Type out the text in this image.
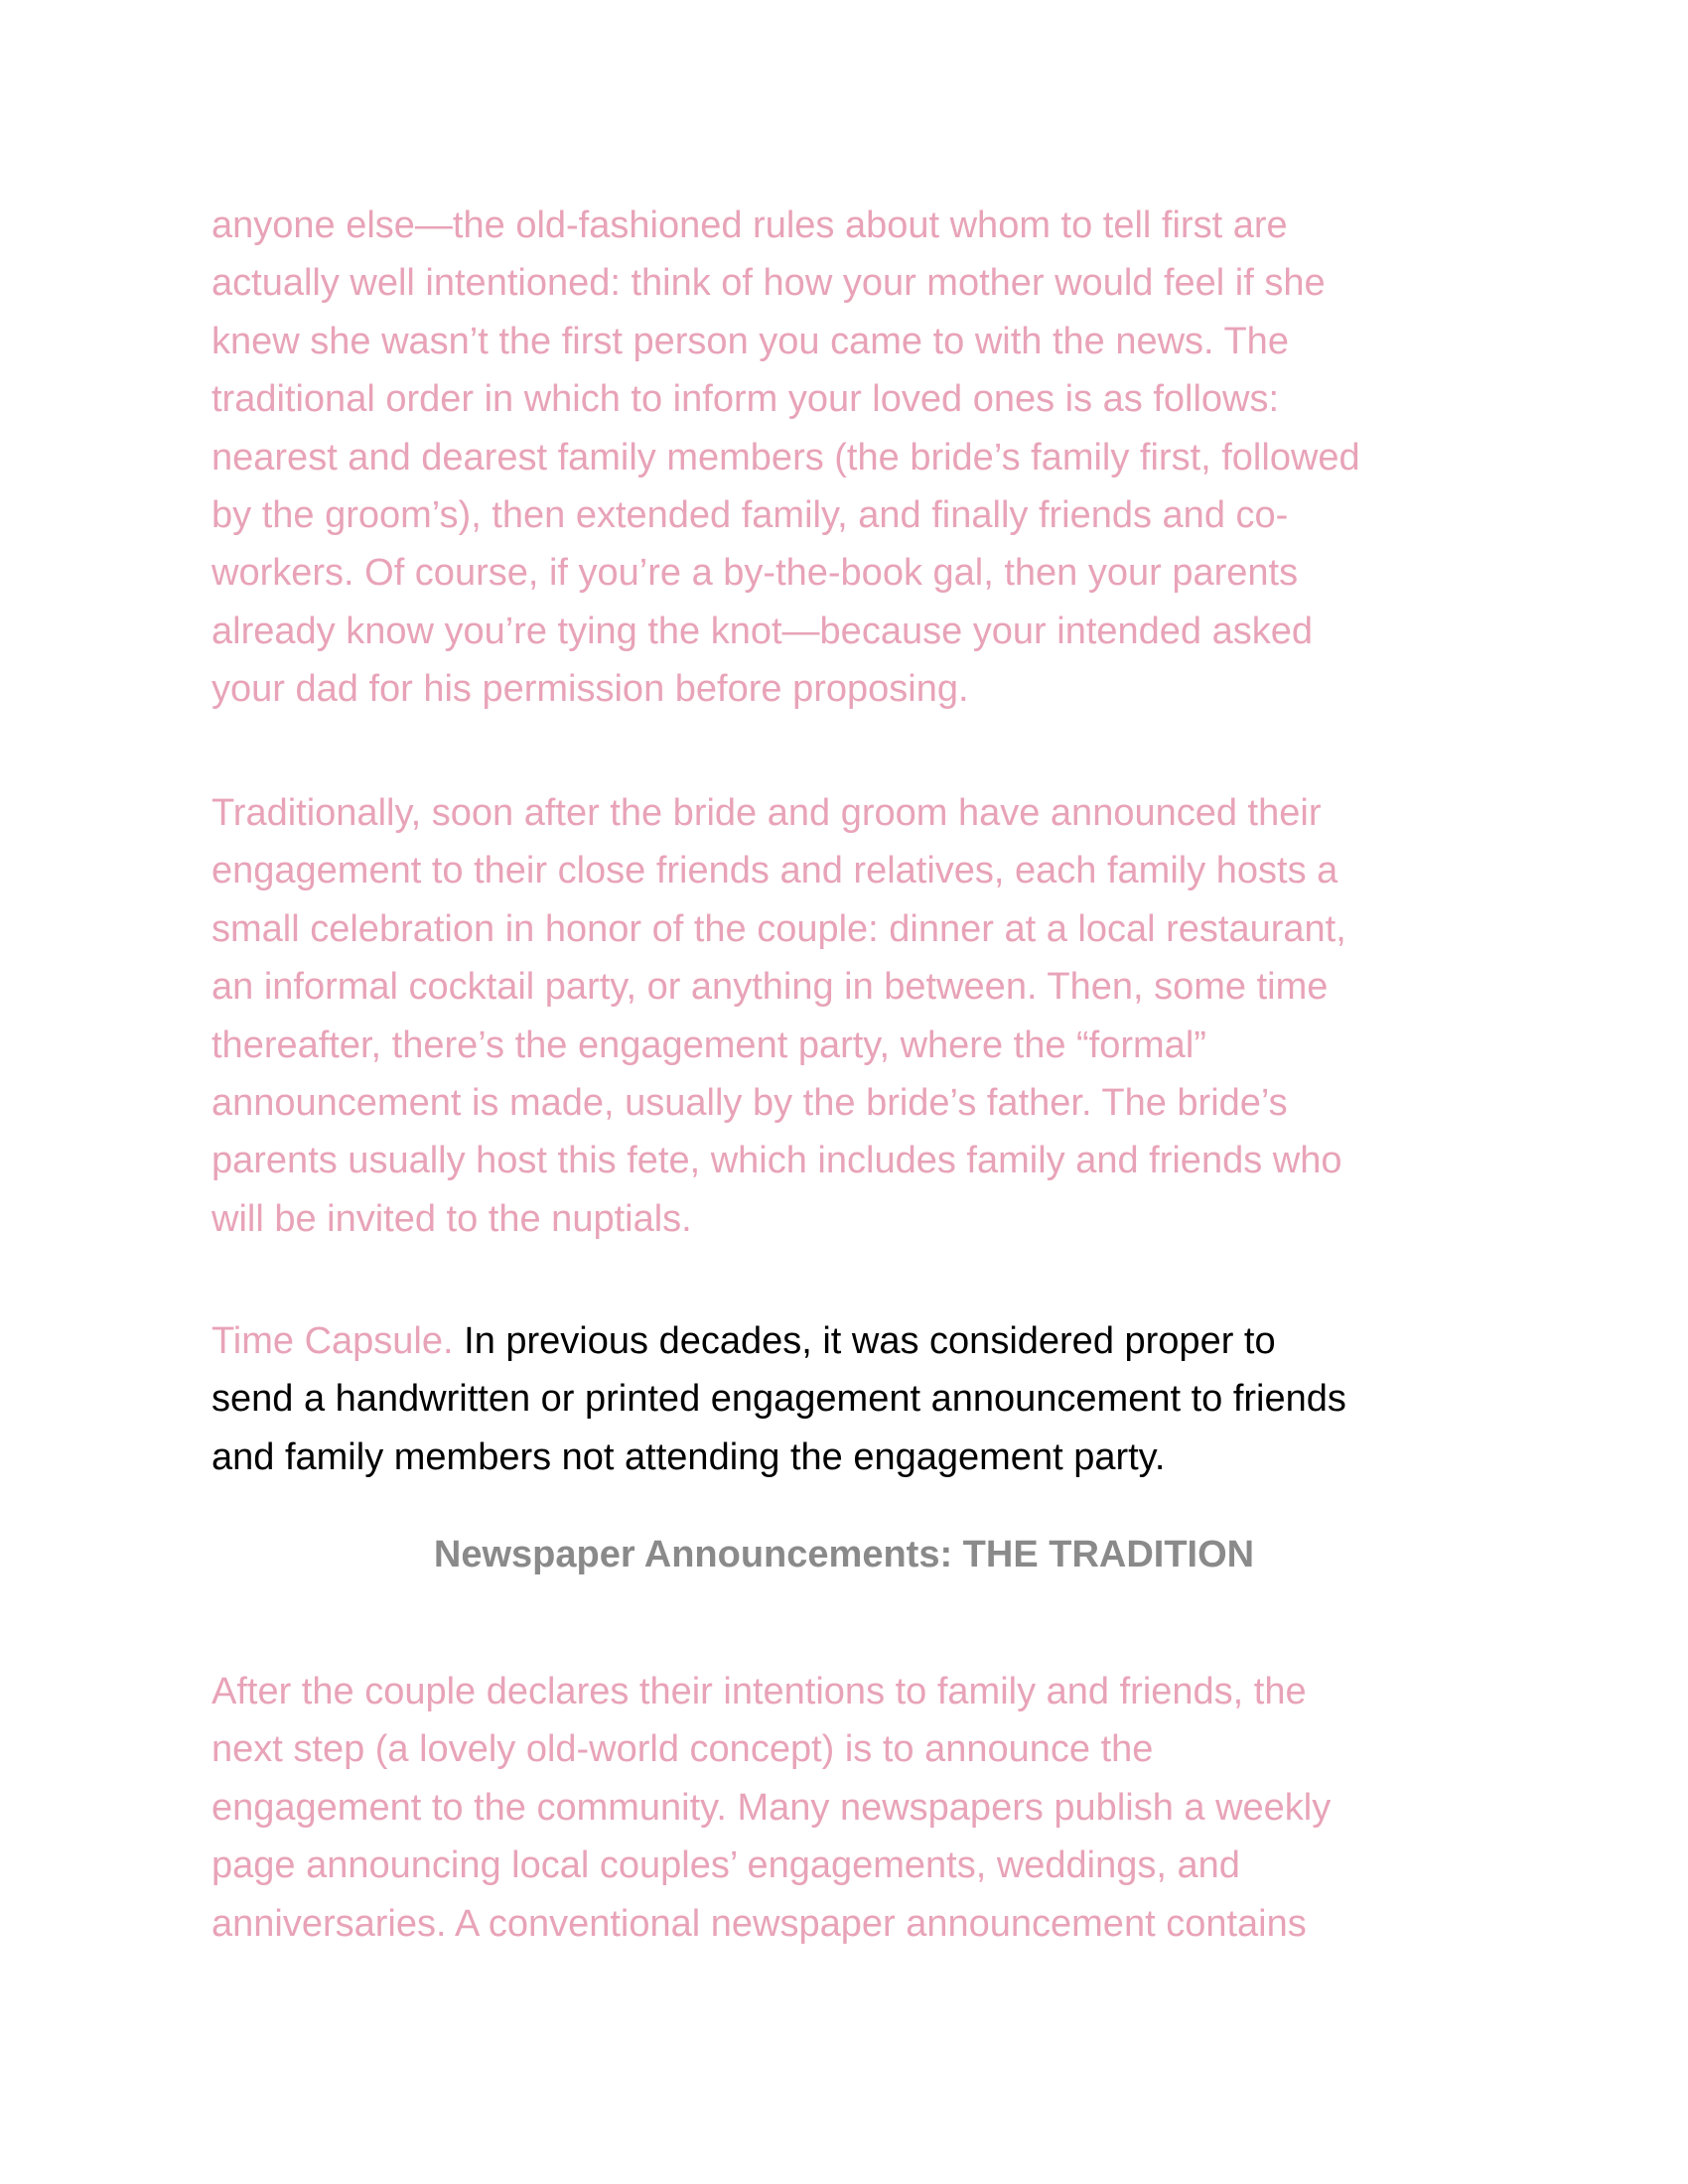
anyone else—the old-fashioned rules about whom to tell first are
actually well intentioned: think of how your mother would feel if she
knew she wasn’t the first person you came to with the news. The
traditional order in which to inform your loved ones is as follows:
nearest and dearest family members (the bride’s family first, followed
by the groom’s), then extended family, and finally friends and co-
workers. Of course, if you’re a by-the-book gal, then your parents
already know you’re tying the knot—because your intended asked
your dad for his permission before proposing.

Traditionally, soon after the bride and groom have announced their
engagement to their close friends and relatives, each family hosts a
small celebration in honor of the couple: dinner at a local restaurant,
an informal cocktail party, or anything in between. Then, some time
thereafter, there’s the engagement party, where the “formal”
announcement is made, usually by the bride’s father. The bride’s
parents usually host this fete, which includes family and friends who
will be invited to the nuptials.

Time Capsule. In previous decades, it was considered proper to
send a handwritten or printed engagement announcement to friends
and family members not attending the engagement party.

Newspaper Announcements: THE TRADITION

After the couple declares their intentions to family and friends, the
next step (a lovely old-world concept) is to announce the
engagement to the community. Many newspapers publish a weekly
page announcing local couples’ engagements, weddings, and
anniversaries. A conventional newspaper announcement contains
